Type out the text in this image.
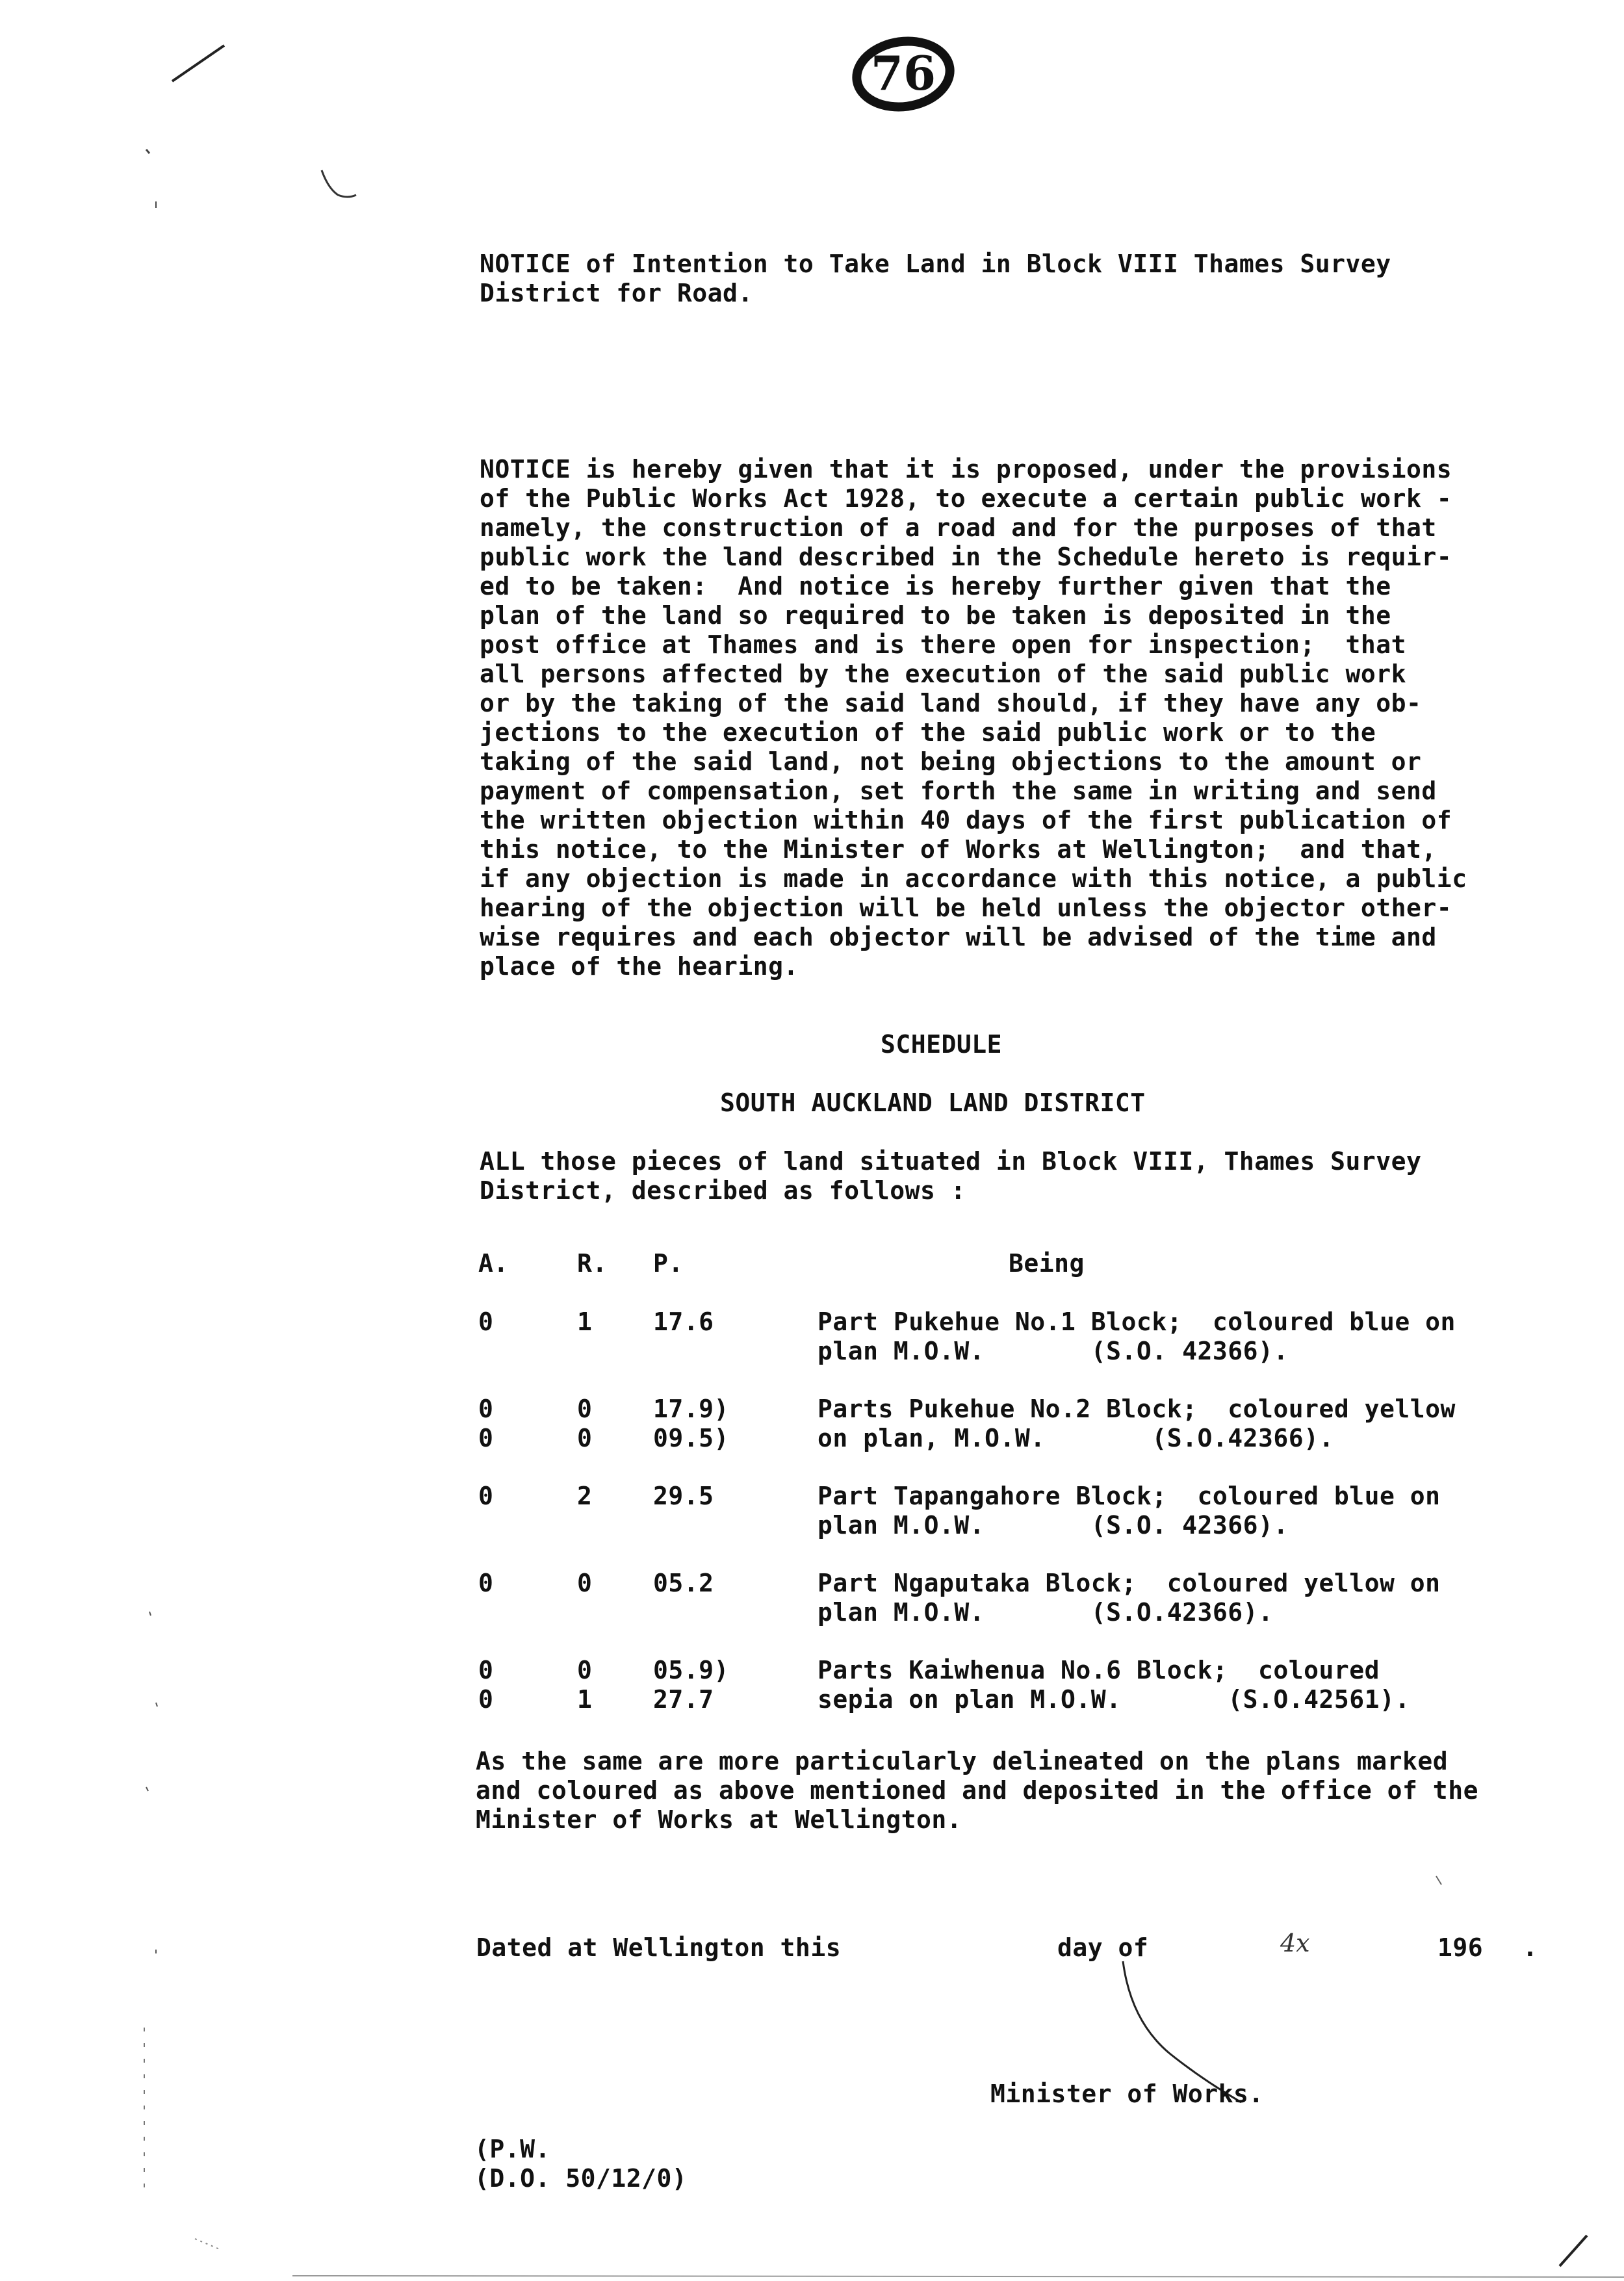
76
NOTICE of Intention to Take Land in Block VIII Thames Survey
District for Road.
NOTICE is hereby given that it is proposed, under the provisions
of the Public Works Act 1928, to execute a certain public work -
namely, the construction of a road and for the purposes of that
public work the land described in the Schedule hereto is requir-
ed to be taken:  And notice is hereby further given that the
plan of the land so required to be taken is deposited in the
post office at Thames and is there open for inspection;  that
all persons affected by the execution of the said public work
or by the taking of the said land should, if they have any ob-
jections to the execution of the said public work or to the
taking of the said land, not being objections to the amount or
payment of compensation, set forth the same in writing and send
the written objection within 40 days of the first publication of
this notice, to the Minister of Works at Wellington;  and that,
if any objection is made in accordance with this notice, a public
hearing of the objection will be held unless the objector other-
wise requires and each objector will be advised of the time and
place of the hearing.
SCHEDULE
SOUTH AUCKLAND LAND DISTRICT
ALL those pieces of land situated in Block VIII, Thames Survey
District, described as follows :
A.	R. P.	Being
0	1 17.6	Part Pukehue No.1 Block;  coloured blue on
plan M.O.W.       (S.O. 42366).
0	0 17.9)	Parts Pukehue No.2 Block;  coloured yellow
0	0 09.5)	on plan, M.O.W.       (S.O.42366).
0	2 29.5	Part Tapangahore Block;  coloured blue on
plan M.O.W.       (S.O. 42366).
0	0 05.2	Part Ngaputaka Block;  coloured yellow on
plan M.O.W.       (S.O.42366).
0	0 05.9)	Parts Kaiwhenua No.6 Block;  coloured
0	1 27.7	sepia on plan M.O.W.       (S.O.42561).
As the same are more particularly delineated on the plans marked
and coloured as above mentioned and deposited in the office of the
Minister of Works at Wellington.
Dated at Wellington this	day of	4x	196 .
Minister of Works.
(P.W.
(D.O. 50/12/0)
